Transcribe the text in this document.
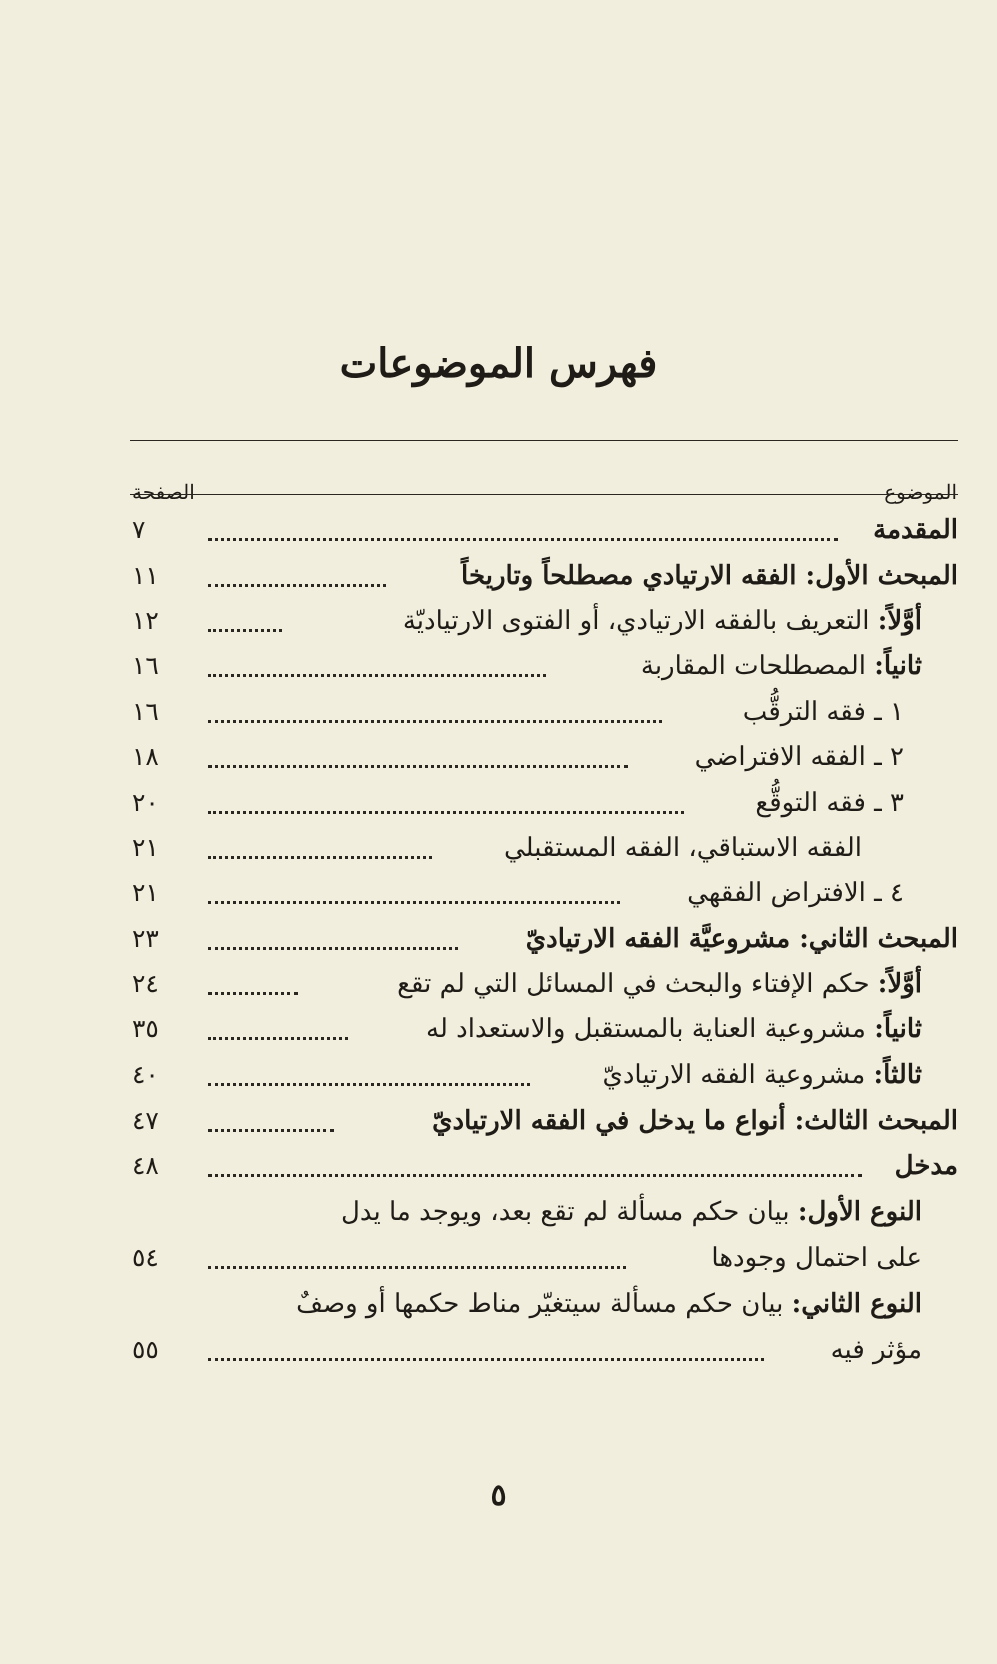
فهرس الموضوعات
الموضوع
الصفحة
٧	المقدمة
١١	المبحث الأول: الفقه الارتيادي مصطلحاً وتاريخاً
١٢	أوَّلاً: التعريف بالفقه الارتيادي، أو الفتوى الارتياديّة
١٦	ثانياً: المصطلحات المقاربة
١٦	١ ـ فقه الترقُّب
١٨	٢ ـ الفقه الافتراضي
٢٠	٣ ـ فقه التوقُّع
٢١	الفقه الاستباقي، الفقه المستقبلي
٢١	٤ ـ الافتراض الفقهي
٢٣	المبحث الثاني: مشروعيَّة الفقه الارتياديّ
٢٤	أوَّلاً: حكم الإفتاء والبحث في المسائل التي لم تقع
٣٥	ثانياً: مشروعية العناية بالمستقبل والاستعداد له
٤٠	ثالثاً: مشروعية الفقه الارتياديّ
٤٧	المبحث الثالث: أنواع ما يدخل في الفقه الارتياديّ
٤٨	مدخل
النوع الأول: بيان حكم مسألة لم تقع بعد، ويوجد ما يدل
٥٤	على احتمال وجودها
النوع الثاني: بيان حكم مسألة سيتغيّر مناط حكمها أو وصفٌ
٥٥	مؤثر فيه
٥
